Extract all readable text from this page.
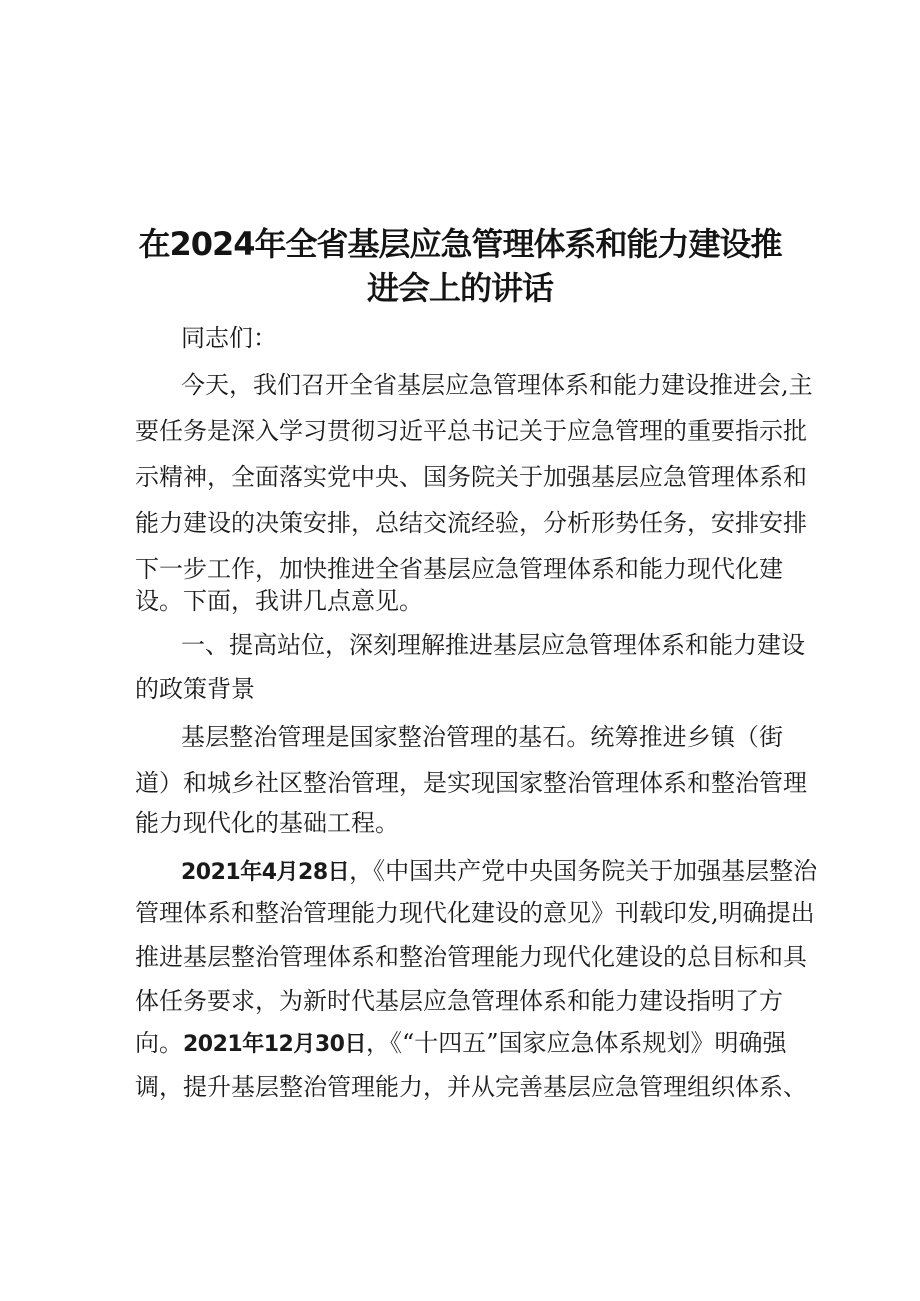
在2024年全省基层应急管理体系和能力建设推
进会上的讲话
同志们：
今天，我们召开全省基层应急管理体系和能力建设推进会,主
要任务是深入学习贯彻习近平总书记关于应急管理的重要指示批
示精神，全面落实党中央、国务院关于加强基层应急管理体系和
能力建设的决策安排，总结交流经验，分析形势任务，安排安排
下一步工作，加快推进全省基层应急管理体系和能力现代化建
设。下面，我讲几点意见。
一、提高站位，深刻理解推进基层应急管理体系和能力建设
的政策背景
基层整治管理是国家整治管理的基石。统筹推进乡镇（街
道）和城乡社区整治管理，是实现国家整治管理体系和整治管理
能力现代化的基础工程。
2021年4月28日，《中国共产党中央国务院关于加强基层整治
管理体系和整治管理能力现代化建设的意见》刊载印发,明确提出
推进基层整治管理体系和整治管理能力现代化建设的总目标和具
体任务要求，为新时代基层应急管理体系和能力建设指明了方
向。2021年12月30日，《“十四五”国家应急体系规划》明确强
调，提升基层整治管理能力，并从完善基层应急管理组织体系、
